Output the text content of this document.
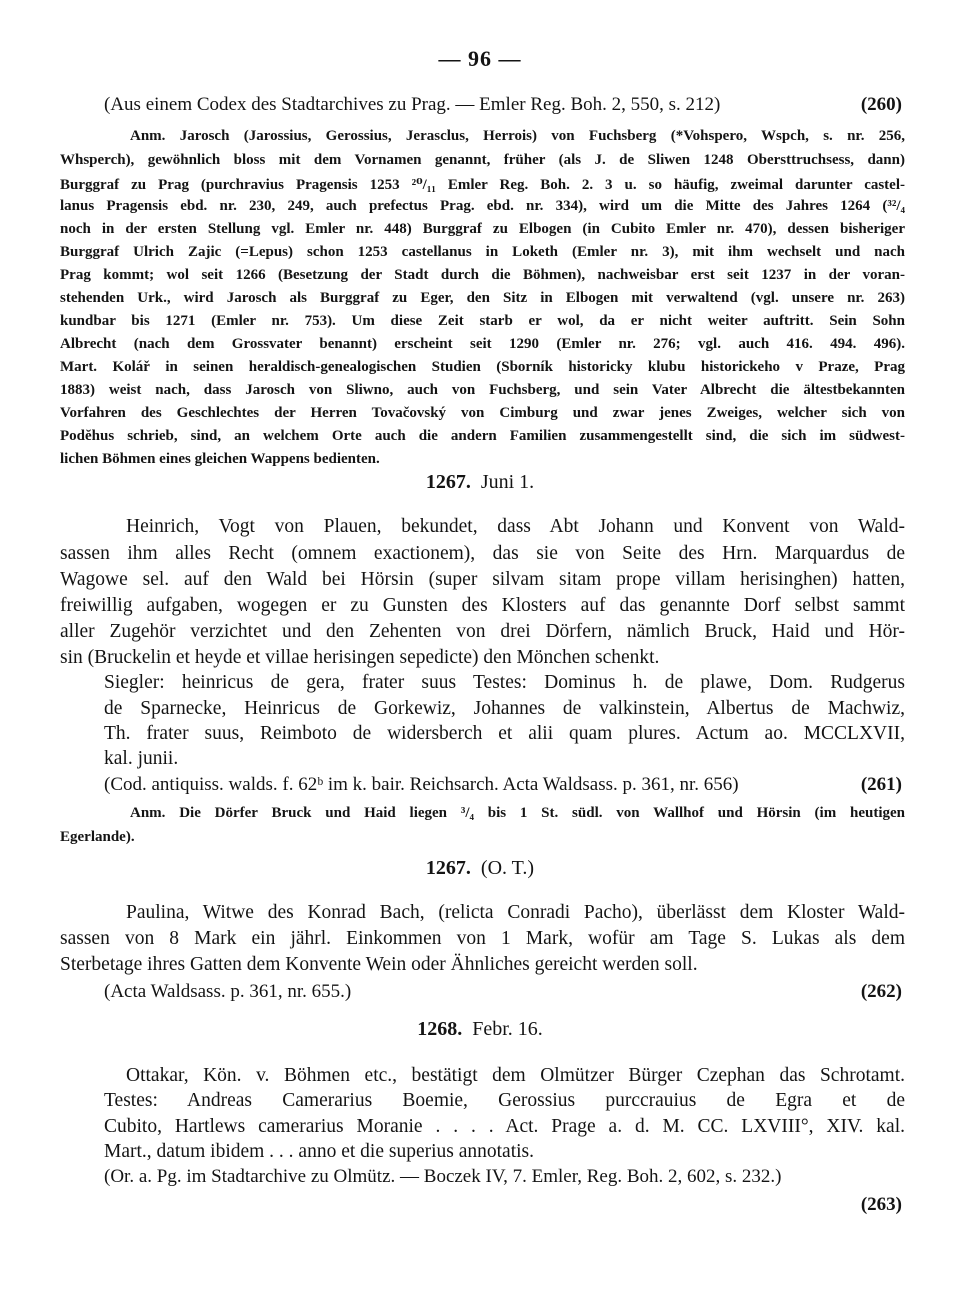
— 96 —
(Aus einem Codex des Stadtarchives zu Prag. — Emler Reg. Boh. 2, 550, s. 212)	(260)
Anm. Jarosch (Jarossius, Gerossius, Jerasclus, Herrois) von Fuchsberg (*Vohspero, Wspch, s. nr. 256,
Whsperch), gewöhnlich bloss mit dem Vornamen genannt, früher (als J. de Sliwen 1248 Obersttruchsess, dann)
Burggraf zu Prag (purchravius Pragensis 1253 ²⁰/₁₁ Emler Reg. Boh. 2. 3 u. so häufig, zweimal darunter castel-
lanus Pragensis ebd. nr. 230, 249, auch prefectus Prag. ebd. nr. 334), wird um die Mitte des Jahres 1264 (³²/₄
noch in der ersten Stellung vgl. Emler nr. 448) Burggraf zu Elbogen (in Cubito Emler nr. 470), dessen bisheriger
Burggraf Ulrich Zajic (=Lepus) schon 1253 castellanus in Loketh (Emler nr. 3), mit ihm wechselt und nach
Prag kommt; wol seit 1266 (Besetzung der Stadt durch die Böhmen), nachweisbar erst seit 1237 in der voran-
stehenden Urk., wird Jarosch als Burggraf zu Eger, den Sitz in Elbogen mit verwaltend (vgl. unsere nr. 263)
kundbar bis 1271 (Emler nr. 753). Um diese Zeit starb er wol, da er nicht weiter auftritt. Sein Sohn
Albrecht (nach dem Grossvater benannt) erscheint seit 1290 (Emler nr. 276; vgl. auch 416. 494. 496).
Mart. Kolář in seinen heraldisch-genealogischen Studien (Sborník historicky klubu historickeho v Praze, Prag
1883) weist nach, dass Jarosch von Sliwno, auch von Fuchsberg, und sein Vater Albrecht die ältestbekannten
Vorfahren des Geschlechtes der Herren Tovačovský von Cimburg und zwar jenes Zweiges, welcher sich von
Podĕhus schrieb, sind, an welchem Orte auch die andern Familien zusammengestellt sind, die sich im südwest-
lichen Böhmen eines gleichen Wappens bedienten.
1267. Juni 1.
Heinrich, Vogt von Plauen, bekundet, dass Abt Johann und Konvent von Wald-
sassen ihm alles Recht (omnem exactionem), das sie von Seite des Hrn. Marquardus de
Wagowe sel. auf den Wald bei Hörsin (super silvam sitam prope villam herisinghen) hatten,
freiwillig aufgaben, wogegen er zu Gunsten des Klosters auf das genannte Dorf selbst sammt
aller Zugehör verzichtet und den Zehenten von drei Dörfern, nämlich Bruck, Haid und Hör-
sin (Bruckelin et heyde et villae herisingen sepedicte) den Mönchen schenkt.
Siegler: heinricus de gera, frater suus Testes: Dominus h. de plawe, Dom. Rudgerus
de Sparnecke, Heinricus de Gorkewiz, Johannes de valkinstein, Albertus de Machwiz,
Th. frater suus, Reimboto de widersberch et alii quam plures. Actum ao. MCCLXVII,
kal. junii.
(Cod. antiquiss. walds. f. 62ᵇ im k. bair. Reichsarch. Acta Waldsass. p. 361, nr. 656)	(261)
Anm. Die Dörfer Bruck und Haid liegen ³/₄ bis 1 St. südl. von Wallhof und Hörsin (im heutigen
Egerlande).
1267. (O. T.)
Paulina, Witwe des Konrad Bach, (relicta Conradi Pacho), überlässt dem Kloster Wald-
sassen von 8 Mark ein jährl. Einkommen von 1 Mark, wofür am Tage S. Lukas als dem
Sterbetage ihres Gatten dem Konvente Wein oder Ähnliches gereicht werden soll.
(Acta Waldsass. p. 361, nr. 655.)	(262)
1268. Febr. 16.
Ottakar, Kön. v. Böhmen etc., bestätigt dem Olmützer Bürger Czephan das Schrotamt.
Testes: Andreas Camerarius Boemie, Gerossius purccrauius de Egra et de
Cubito, Hartlews camerarius Moranie . . . . Act. Prage a. d. M. CC. LXVIII°, XIV. kal.
Mart., datum ibidem . . . anno et die superius annotatis.
(Or. a. Pg. im Stadtarchive zu Olmütz. — Boczek IV, 7. Emler, Reg. Boh. 2, 602, s. 232.)
(263)
